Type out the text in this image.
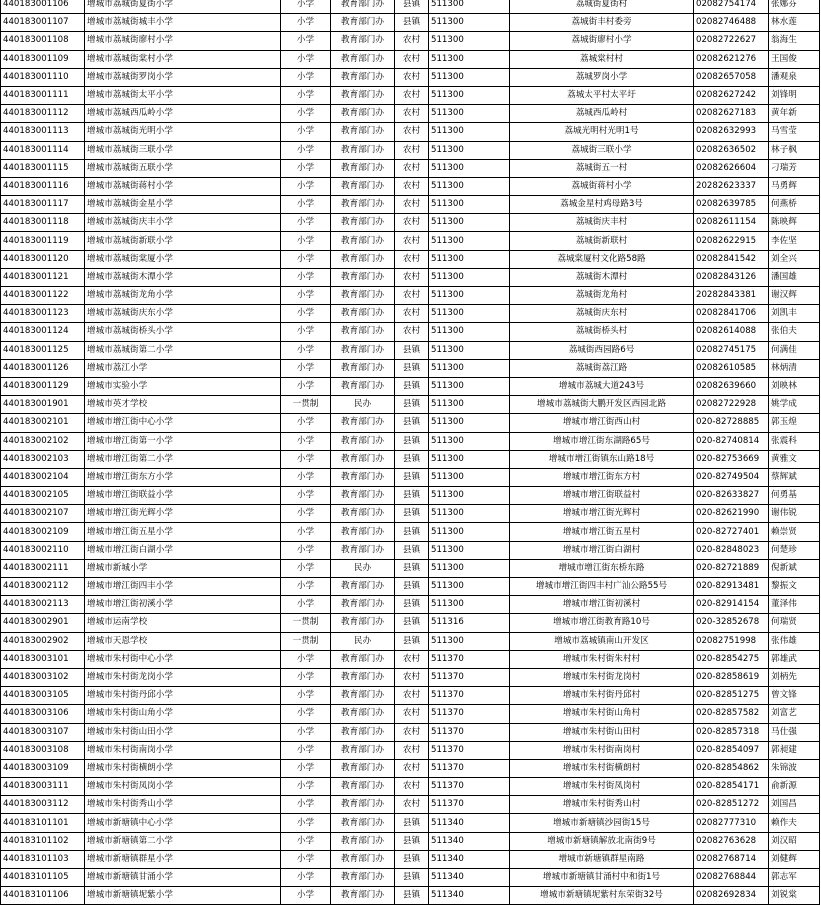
440183001106	增城市荔城街夏街小学	小学	教育部门办	县镇	511300	荔城街夏街村	02082754174	张娜芬
440183001107	增城市荔城街城丰小学	小学	教育部门办	县镇	511300	荔城街丰村委旁	02082746488	林水莲
440183001108	增城市荔城街廖村小学	小学	教育部门办	农村	511300	荔城街廖村小学	02082722627	翁海生
440183001109	增城市荔城街棠村小学	小学	教育部门办	农村	511300	荔城棠村村	02082621276	王国俊
440183001110	增城市荔城街罗岗小学	小学	教育部门办	农村	511300	荔城罗岗小学	02082657058	潘观泉
440183001111	增城市荔城街太平小学	小学	教育部门办	农村	511300	荔城太平村太平圩	02082627242	刘锋明
440183001112	增城市荔城西瓜岭小学	小学	教育部门办	农村	511300	荔城西瓜岭村	02082627183	黄年新
440183001113	增城市荔城街光明小学	小学	教育部门办	农村	511300	荔城光明村光明1号	02082632993	马雪莹
440183001114	增城市荔城街三联小学	小学	教育部门办	农村	511300	荔城街三联小学	02082636502	林子枫
440183001115	增城市荔城街五联小学	小学	教育部门办	农村	511300	荔城街五一村	02082626604	刁瑞芳
440183001116	增城市荔城街蒋村小学	小学	教育部门办	农村	511300	荔城街蒋村小学	20282623337	马勇辉
440183001117	增城市荔城街金星小学	小学	教育部门办	农村	511300	荔城金星村鸡母路3号	02082639785	何燕桥
440183001118	增城市荔城街庆丰小学	小学	教育部门办	农村	511300	荔城街庆丰村	02082611154	陈映辉
440183001119	增城市荔城街新联小学	小学	教育部门办	农村	511300	荔城街新联村	02082622915	李佐坚
440183001120	增城市荔城街棠厦小学	小学	教育部门办	农村	511300	荔城棠厦村文化路58路	02082841542	刘全兴
440183001121	增城市荔城街木潭小学	小学	教育部门办	农村	511300	荔城街木潭村	02082843126	潘国雄
440183001122	增城市荔城街龙角小学	小学	教育部门办	农村	511300	荔城街龙角村	20282843381	谢汉辉
440183001123	增城市荔城街庆东小学	小学	教育部门办	农村	511300	荔城街庆东村	02082841706	刘凯丰
440183001124	增城市荔城街桥头小学	小学	教育部门办	农村	511300	荔城街桥头村	02082614088	张伯夫
440183001125	增城市荔城街第二小学	小学	教育部门办	县镇	511300	荔城街西园路6号	02082745175	何满佳
440183001126	增城市荔江小学	小学	教育部门办	县镇	511300	荔城街荔江路	02082610585	林炳清
440183001129	增城市实验小学	小学	教育部门办	县镇	511300	增城市荔城大道243号	02082639660	刘映林
440183001901	增城市英才学校	一贯制	民办	县镇	511300	增城市荔城街大鹏开发区西园北路	02082722928	姚学成
440183002101	增城市增江街中心小学	小学	教育部门办	县镇	511300	增城市增江街西山村	020-82728885	郭玉煌
440183002102	增城市增江街第一小学	小学	教育部门办	县镇	511300	增城市增江街东湖路65号	020-82740814	张震科
440183002103	增城市增江街第二小学	小学	教育部门办	县镇	511300	增城市增江街镇东山路18号	020-82753669	黄雅文
440183002104	增城市增江街东方小学	小学	教育部门办	县镇	511300	增城市增江街东方村	020-82749504	蔡辉斌
440183002105	增城市增江街联益小学	小学	教育部门办	县镇	511300	增城市增江街联益村	020-82633827	何勇基
440183002107	增城市增江街光辉小学	小学	教育部门办	县镇	511300	增城市增江街光辉村	020-82621990	谢伟锐
440183002109	增城市增江街五星小学	小学	教育部门办	县镇	511300	增城市增江街五星村	020-82727401	赖崇贤
440183002110	增城市增江街白湖小学	小学	教育部门办	县镇	511300	增城市增江街白湖村	020-82848023	何楚珍
440183002111	增城市新城小学	小学	民办	县镇	511300	增城市增江街东桥东路	020-82721889	倪新斌
440183002112	增城市增江街四丰小学	小学	教育部门办	县镇	511300	增城市增江街四丰村广汕公路55号	020-82913481	黎振文
440183002113	增城市增江街初溪小学	小学	教育部门办	县镇	511300	增城市增江街初溪村	020-82914154	董泽伟
440183002901	增城市运南学校	一贯制	教育部门办	县镇	511316	增城市增江街教育路10号	020-32852678	何瑞贤
440183002902	增城市天恩学校	一贯制	民办	县镇	511300	增城市荔城镇南山开发区	02082751998	张伟雄
440183003101	增城市朱村街中心小学	小学	教育部门办	农村	511370	增城市朱村街朱村村	020-82854275	郭雄武
440183003102	增城市朱村街龙岗小学	小学	教育部门办	农村	511370	增城市朱村街龙岗村	020-82858619	刘柄先
440183003105	增城市朱村街丹邱小学	小学	教育部门办	农村	511370	增城市朱村街丹邱村	020-82851275	曾文锋
440183003106	增城市朱村街山角小学	小学	教育部门办	农村	511370	增城市朱村街山角村	020-82857582	刘富艺
440183003107	增城市朱村街山田小学	小学	教育部门办	农村	511370	增城市朱村街山田村	020-82857318	马仕强
440183003108	增城市朱村街南岗小学	小学	教育部门办	农村	511370	增城市朱村街南岗村	020-82854097	郭昶建
440183003109	增城市朱村街横朗小学	小学	教育部门办	农村	511370	增城市朱村街横朗村	020-82854862	朱锦波
440183003111	增城市朱村街凤岗小学	小学	教育部门办	农村	511370	增城市朱村街凤岗村	020-82854171	俞新源
440183003112	增城市朱村街秀山小学	小学	教育部门办	农村	511370	增城市朱村街秀山村	020-82851272	刘国昌
440183101101	增城市新塘镇中心小学	小学	教育部门办	县镇	511340	增城市新塘镇沙园街15号	02082777310	赖作夫
440183101102	增城市新塘镇第二小学	小学	教育部门办	县镇	511340	增城市新塘镇解放北南街9号	02082763628	刘汉昭
440183101103	增城市新塘镇群星小学	小学	教育部门办	县镇	511340	增城市新塘镇群星南路	02082768714	刘健辉
440183101105	增城市新塘镇甘涌小学	小学	教育部门办	县镇	511340	增城市新塘镇甘涌村中和街1号	02082768844	郭志军
440183101106	增城市新塘镇坭紫小学	小学	教育部门办	县镇	511340	增城市新塘镇坭紫村东荣街32号	02082692834	刘锐棠
